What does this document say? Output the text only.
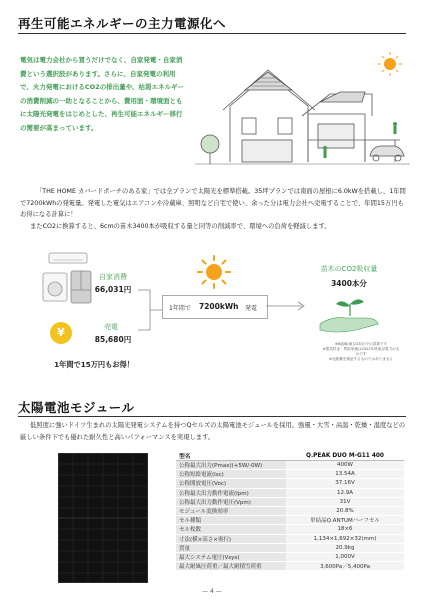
再生可能エネルギーの主力電源化へ
電気は電力会社から買うだけでなく、自家発電・自家消費という選択肢があります。さらに、自家発電の利用で、火力発電におけるCO2の排出量や、枯渇エネルギーの消費削減の一助となることから、費用面・環境面ともに太陽光発電をはじめとした、再生可能エネルギー移行の需要が高まっています。
「THE HOME カバードポーチのある家」では全プランで太陽光を標準搭載。35坪プランでは南面の屋根に6.0kWを搭載し、1年間で7200kWhの発電量。発電した電気はエアコンや冷蔵庫、照明など自宅で使い、余った分は電力会社へ売電することで、年間15万円もお得になる計算に！
またCO2に換算すると、6cmの苗木3400本が吸収する量と同等の削減率で、環境への負荷を軽減します。
自家消費
66,031円
¥	売電
85,680円
1年間で 7200kWh 発電
苗木のCO2吸収量
3400本分
※6地域(東京23区)での試算です
※電気料金・買取単価は2022年度東京電力のものです
※光熱費を保証するものではありません
1年間で15万円もお得！
太陽電池モジュール
低照度に強いドイツ生まれの太陽光発電システムを持つQセルズの太陽電池モジュールを採用。強風・大雪・高温・乾燥・湿度などの厳しい条件下でも優れた耐久性と高いパフォーマンスを実現します。
型名	Q.PEAK DUO M-G11 400
公称最大出力(Pmax)(+5W/-0W)	400W
公称短絡電流(Isc)	13.54A
公称開放電圧(Voc)	37.16V
公称最大出力動作電流(Ipm)	12.9A
公称最大出力動作電圧(Vpm)	31V
モジュール変換効率	20.8%
セル種類	単結晶Q.ANTUMハーフセル
セル枚数	18×6
寸法(横×高さ×奥行)	1,134×1,692×32(mm)
質量	20.9kg
最大システム電圧(Vsys)	1,000V
最大耐風圧荷重／最大耐積雪荷重	3,600Pa／5,400Pa
— 4 —
